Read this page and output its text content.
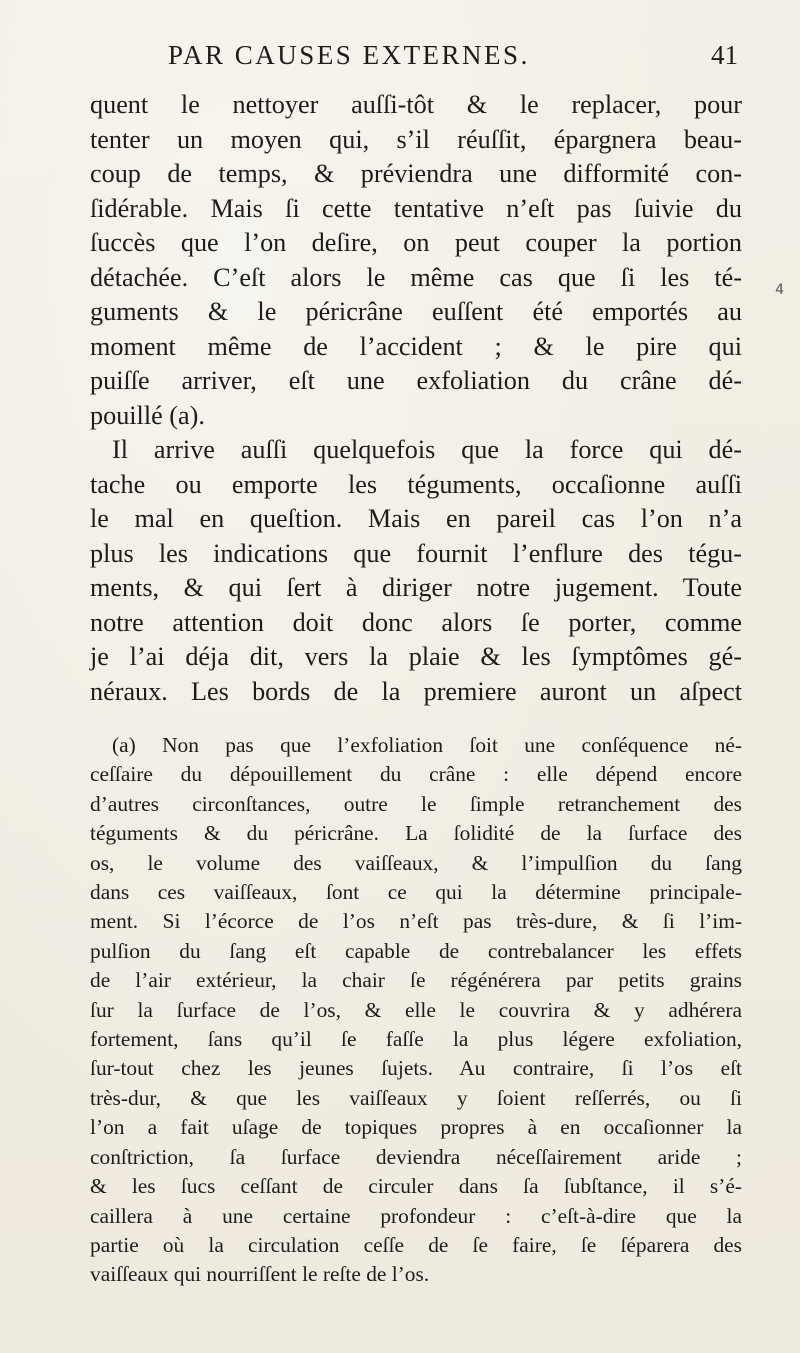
PAR CAUSES EXTERNES.	41
4
quent le nettoyer auſſi-tôt & le replacer, pour
tenter un moyen qui, s’il réuſſit, épargnera beau-
coup de temps, & préviendra une difformité con-
ſidérable. Mais ſi cette tentative n’eſt pas ſuivie du
ſuccès que l’on deſire, on peut couper la portion
détachée. C’eſt alors le même cas que ſi les té-
guments & le péricrâne euſſent été emportés au
moment même de l’accident ; & le pire qui
puiſſe arriver, eſt une exfoliation du crâne dé-
pouillé (a).
Il arrive auſſi quelquefois que la force qui dé-
tache ou emporte les téguments, occaſionne auſſi
le mal en queſtion. Mais en pareil cas l’on n’a
plus les indications que fournit l’enflure des tégu-
ments, & qui ſert à diriger notre jugement. Toute
notre attention doit donc alors ſe porter, comme
je l’ai déja dit, vers la plaie & les ſymptômes gé-
néraux. Les bords de la premiere auront un aſpect
(a) Non pas que l’exfoliation ſoit une conſéquence né-
ceſſaire du dépouillement du crâne : elle dépend encore
d’autres circonſtances, outre le ſimple retranchement des
téguments & du péricrâne. La ſolidité de la ſurface des
os, le volume des vaiſſeaux, & l’impulſion du ſang
dans ces vaiſſeaux, ſont ce qui la détermine principale-
ment. Si l’écorce de l’os n’eſt pas très-dure, & ſi l’im-
pulſion du ſang eſt capable de contrebalancer les effets
de l’air extérieur, la chair ſe régénérera par petits grains
ſur la ſurface de l’os, & elle le couvrira & y adhérera
fortement, ſans qu’il ſe faſſe la plus légere exfoliation,
ſur-tout chez les jeunes ſujets. Au contraire, ſi l’os eſt
très-dur, & que les vaiſſeaux y ſoient reſſerrés, ou ſi
l’on a fait uſage de topiques propres à en occaſionner la
conſtriction, ſa ſurface deviendra néceſſairement aride ;
& les ſucs ceſſant de circuler dans ſa ſubſtance, il s’é-
caillera à une certaine profondeur : c’eſt-à-dire que la
partie où la circulation ceſſe de ſe faire, ſe ſéparera des
vaiſſeaux qui nourriſſent le reſte de l’os.
